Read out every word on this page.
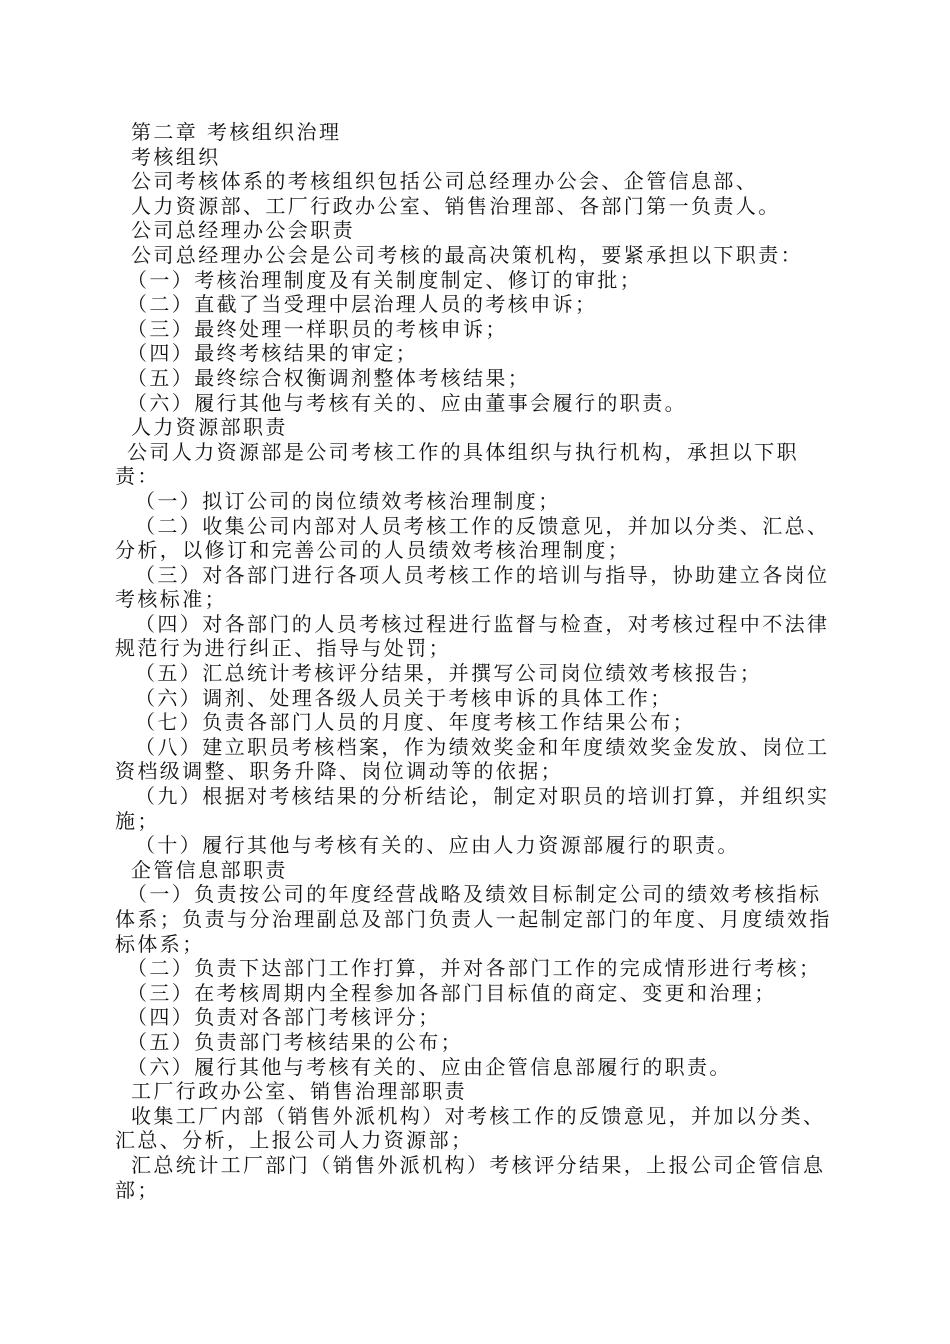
第二章 考核组织治理

考核组织

公司考核体系的考核组织包括公司总经理办公会、企管信息部、

人力资源部、工厂行政办公室、销售治理部、各部门第一负责人。

公司总经理办公会职责

公司总经理办公会是公司考核的最高决策机构，要紧承担以下职责：

（一）考核治理制度及有关制度制定、修订的审批；

（二）直截了当受理中层治理人员的考核申诉；

（三）最终处理一样职员的考核申诉；

（四）最终考核结果的审定；

（五）最终综合权衡调剂整体考核结果；

（六）履行其他与考核有关的、应由董事会履行的职责。

人力资源部职责

公司人力资源部是公司考核工作的具体组织与执行机构，承担以下职

责：

（一）拟订公司的岗位绩效考核治理制度；

（二）收集公司内部对人员考核工作的反馈意见，并加以分类、汇总、

分析，以修订和完善公司的人员绩效考核治理制度；

（三）对各部门进行各项人员考核工作的培训与指导，协助建立各岗位

考核标准；

（四）对各部门的人员考核过程进行监督与检查，对考核过程中不法律

规范行为进行纠正、指导与处罚；

（五）汇总统计考核评分结果，并撰写公司岗位绩效考核报告；

（六）调剂、处理各级人员关于考核申诉的具体工作；

（七）负责各部门人员的月度、年度考核工作结果公布；

（八）建立职员考核档案，作为绩效奖金和年度绩效奖金发放、岗位工

资档级调整、职务升降、岗位调动等的依据；

（九）根据对考核结果的分析结论，制定对职员的培训打算，并组织实

施；

（十）履行其他与考核有关的、应由人力资源部履行的职责。

企管信息部职责

（一）负责按公司的年度经营战略及绩效目标制定公司的绩效考核指标

体系；负责与分治理副总及部门负责人一起制定部门的年度、月度绩效指

标体系；

（二）负责下达部门工作打算，并对各部门工作的完成情形进行考核；

（三）在考核周期内全程参加各部门目标值的商定、变更和治理；

（四）负责对各部门考核评分；

（五）负责部门考核结果的公布；

（六）履行其他与考核有关的、应由企管信息部履行的职责。

工厂行政办公室、销售治理部职责

收集工厂内部（销售外派机构）对考核工作的反馈意见，并加以分类、

汇总、分析，上报公司人力资源部；

汇总统计工厂部门（销售外派机构）考核评分结果，上报公司企管信息

部；
